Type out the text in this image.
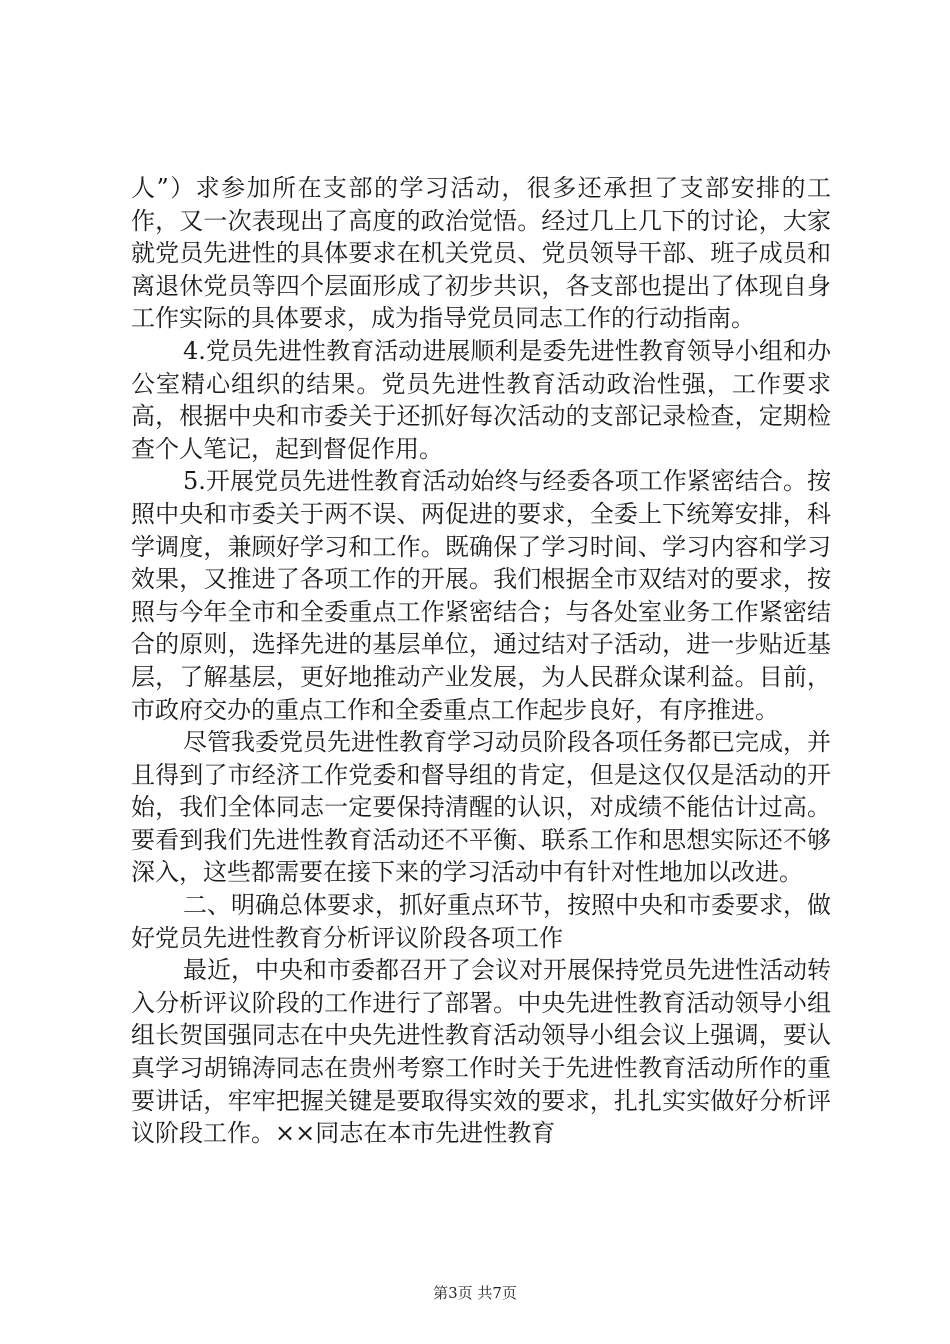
人”）求参加所在支部的学习活动，很多还承担了支部安排的工作，又一次表现出了高度的政治觉悟。经过几上几下的讨论，大家就党员先进性的具体要求在机关党员、党员领导干部、班子成员和离退休党员等四个层面形成了初步共识，各支部也提出了体现自身工作实际的具体要求，成为指导党员同志工作的行动指南。

4.党员先进性教育活动进展顺利是委先进性教育领导小组和办公室精心组织的结果。党员先进性教育活动政治性强，工作要求高，根据中央和市委关于还抓好每次活动的支部记录检查，定期检查个人笔记，起到督促作用。

5.开展党员先进性教育活动始终与经委各项工作紧密结合。按照中央和市委关于两不误、两促进的要求，全委上下统筹安排，科学调度，兼顾好学习和工作。既确保了学习时间、学习内容和学习效果，又推进了各项工作的开展。我们根据全市双结对的要求，按照与今年全市和全委重点工作紧密结合；与各处室业务工作紧密结合的原则，选择先进的基层单位，通过结对子活动，进一步贴近基层，了解基层，更好地推动产业发展，为人民群众谋利益。目前，市政府交办的重点工作和全委重点工作起步良好，有序推进。

尽管我委党员先进性教育学习动员阶段各项任务都已完成，并且得到了市经济工作党委和督导组的肯定，但是这仅仅是活动的开始，我们全体同志一定要保持清醒的认识，对成绩不能估计过高。要看到我们先进性教育活动还不平衡、联系工作和思想实际还不够深入，这些都需要在接下来的学习活动中有针对性地加以改进。

二、明确总体要求，抓好重点环节，按照中央和市委要求，做好党员先进性教育分析评议阶段各项工作

最近，中央和市委都召开了会议对开展保持党员先进性活动转入分析评议阶段的工作进行了部署。中央先进性教育活动领导小组组长贺国强同志在中央先进性教育活动领导小组会议上强调，要认真学习胡锦涛同志在贵州考察工作时关于先进性教育活动所作的重要讲话，牢牢把握关键是要取得实效的要求，扎扎实实做好分析评议阶段工作。××同志在本市先进性教育

第3页 共7页
